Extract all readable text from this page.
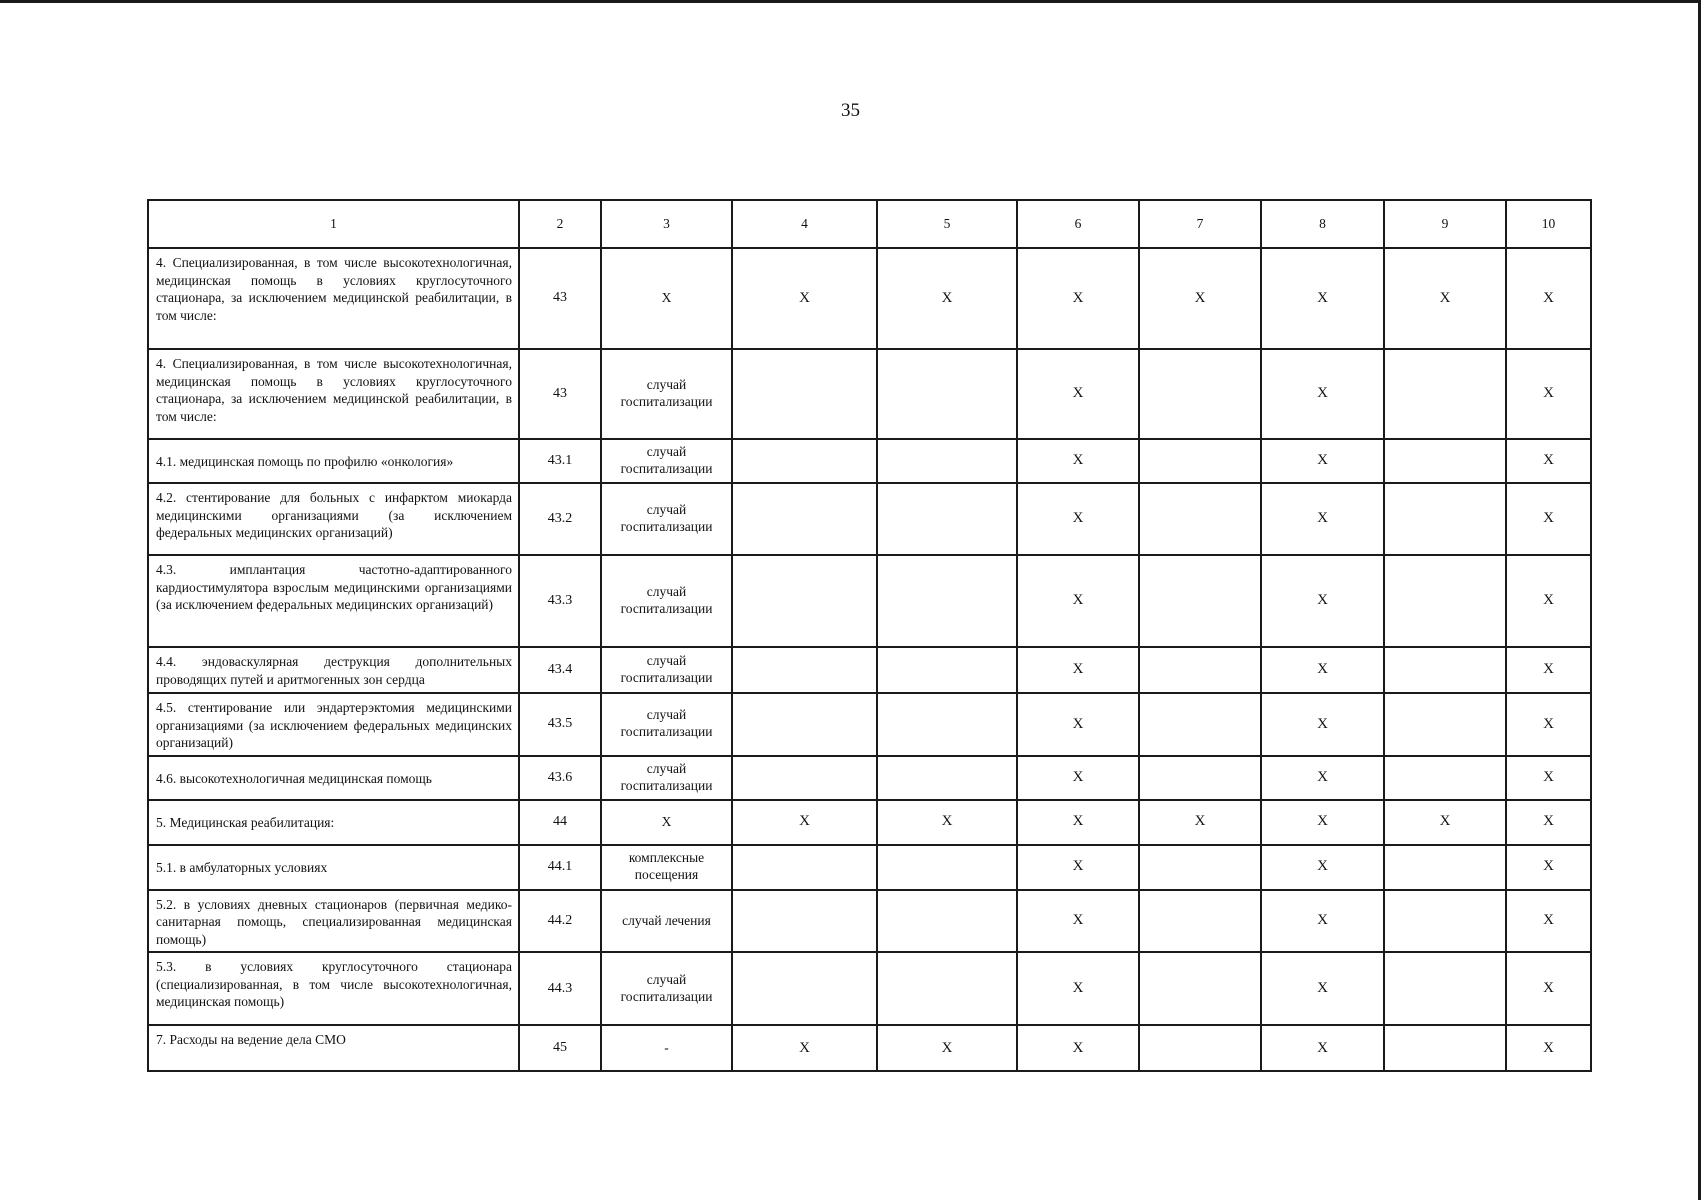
35
1	2	3	4	5	6	7	8	9	10
4. Специализированная, в том числе высокотехнологичная, медицинская помощь в условиях круглосуточного стационара, за исключением медицинской реабилитации, в том числе:	43	X	X	X	X	X	X	X	X
4. Специализированная, в том числе высокотехнологичная, медицинская помощь в условиях круглосуточного стационара, за исключением медицинской реабилитации, в том числе:	43	случай госпитализации			X		X		X
4.1. медицинская помощь по профилю «онкология»	43.1	случай госпитализации			X		X		X
4.2. стентирование для больных с инфарктом миокарда медицинскими организациями (за исключением федеральных медицинских организаций)	43.2	случай госпитализации			X		X		X
4.3. имплантация частотно-адаптированного кардиостимулятора взрослым медицинскими организациями (за исключением федеральных медицинских организаций)	43.3	случай госпитализации			X		X		X
4.4. эндоваскулярная деструкция дополнительных проводящих путей и аритмогенных зон сердца	43.4	случай госпитализации			X		X		X
4.5. стентирование или эндартерэктомия медицинскими организациями (за исключением федеральных медицинских организаций)	43.5	случай госпитализации			X		X		X
4.6. высокотехнологичная медицинская помощь	43.6	случай госпитализации			X		X		X
5. Медицинская реабилитация:	44	X	X	X	X	X	X	X	X
5.1. в амбулаторных условиях	44.1	комплексные посещения			X		X		X
5.2. в условиях дневных стационаров (первичная медико-санитарная помощь, специализированная медицинская помощь)	44.2	случай лечения			X		X		X
5.3. в условиях круглосуточного стационара (специализированная, в том числе высокотехнологичная, медицинская помощь)	44.3	случай госпитализации			X		X		X
7. Расходы на ведение дела СМО	45	-	X	X	X		X		X
